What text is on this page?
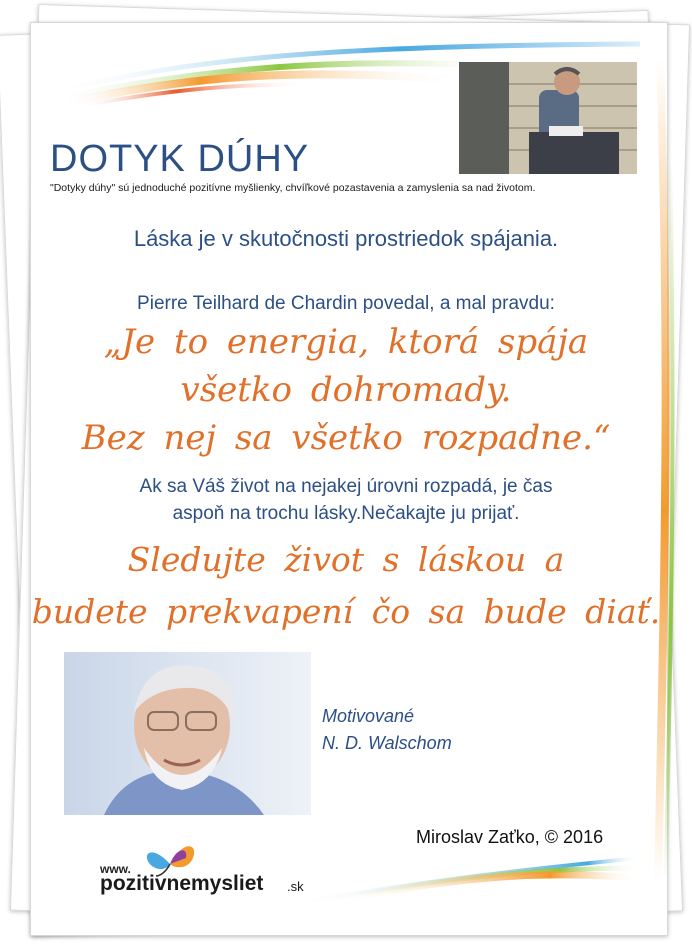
DOTYK DÚHY
"Dotyky dúhy" sú jednoduché pozitívne myšlienky, chvíľkové pozastavenia a zamyslenia sa nad životom.
Láska je v skutočnosti prostriedok spájania.
Pierre Teilhard de Chardin povedal, a mal pravdu:
„Je to energia, ktorá spája
všetko dohromady.
Bez nej sa všetko rozpadne.“
Ak sa Váš život na nejakej úrovni rozpadá, je čas
aspoň na trochu lásky.Nečakajte ju prijať.
Sledujte život s láskou a
budete prekvapení čo sa bude diať.
Motivované
N. D. Walschom
Miroslav Zaťko, © 2016
www.
pozitivnemysliet .sk
